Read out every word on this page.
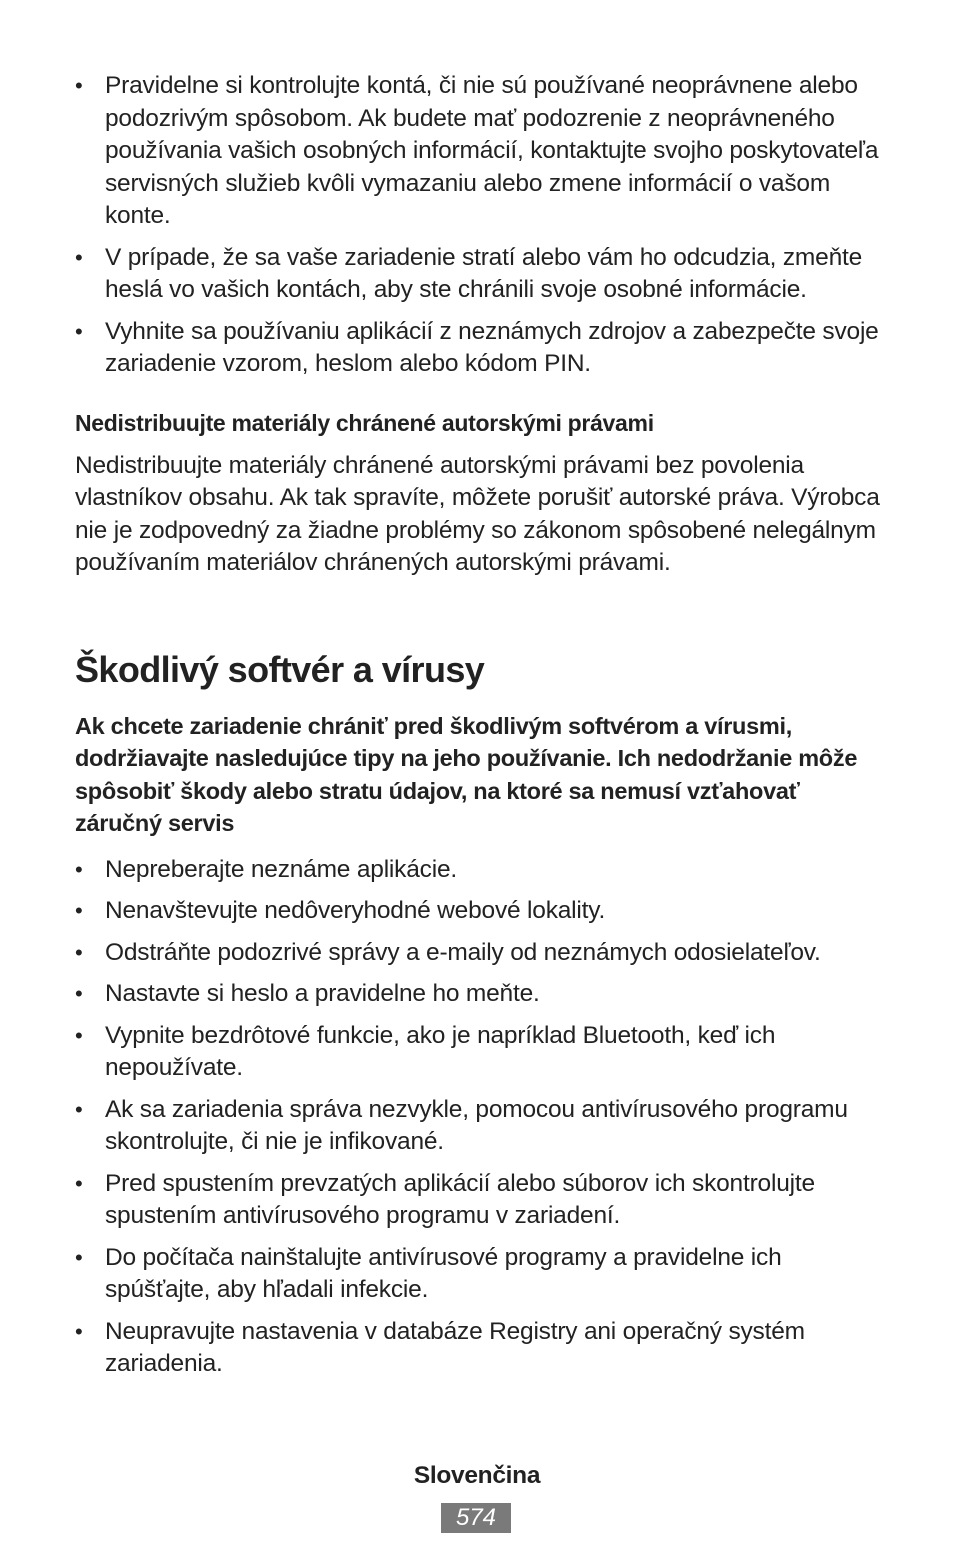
• Pravidelne si kontrolujte kontá, či nie sú používané neoprávnene alebo podozrivým spôsobom. Ak budete mať podozrenie z neoprávneného používania vašich osobných informácií, kontaktujte svojho poskytovateľa servisných služieb kvôli vymazaniu alebo zmene informácií o vašom konte.
• V prípade, že sa vaše zariadenie stratí alebo vám ho odcudzia, zmeňte heslá vo vašich kontách, aby ste chránili svoje osobné informácie.
• Vyhnite sa používaniu aplikácií z neznámych zdrojov a zabezpečte svoje zariadenie vzorom, heslom alebo kódom PIN.
Nedistribuujte materiály chránené autorskými právami

Nedistribuujte materiály chránené autorskými právami bez povolenia vlastníkov obsahu. Ak tak spravíte, môžete porušiť autorské práva. Výrobca nie je zodpovedný za žiadne problémy so zákonom spôsobené nelegálnym používaním materiálov chránených autorskými právami.

Škodlivý softvér a vírusy

Ak chcete zariadenie chrániť pred škodlivým softvérom a vírusmi, dodržiavajte nasledujúce tipy na jeho používanie. Ich nedodržanie môže spôsobiť škody alebo stratu údajov, na ktoré sa nemusí vzťahovať záručný servis

• Nepreberajte neznáme aplikácie.
• Nenavštevujte nedôveryhodné webové lokality.
• Odstráňte podozrivé správy a e-maily od neznámych odosielateľov.
• Nastavte si heslo a pravidelne ho meňte.
• Vypnite bezdrôtové funkcie, ako je napríklad Bluetooth, keď ich nepoužívate.
• Ak sa zariadenia správa nezvykle, pomocou antivírusového programu skontrolujte, či nie je infikované.
• Pred spustením prevzatých aplikácií alebo súborov ich skontrolujte spustením antivírusového programu v zariadení.
• Do počítača nainštalujte antivírusové programy a pravidelne ich spúšťajte, aby hľadali infekcie.
• Neupravujte nastavenia v databáze Registry ani operačný systém zariadenia.
Slovenčina
574
